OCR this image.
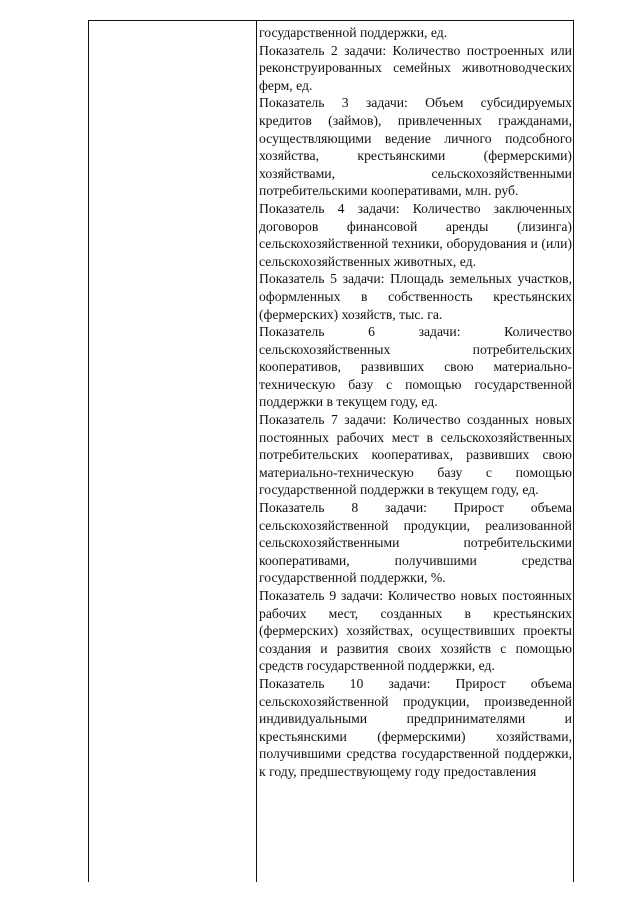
государственной поддержки, ед.

Показатель 2 задачи: Количество построенных или реконструированных семейных животноводческих ферм, ед.

Показатель 3 задачи: Объем субсидируемых кредитов (займов), привлеченных гражданами, осуществляющими ведение личного подсобного хозяйства, крестьянскими (фермерскими) хозяйствами, сельскохозяйственными потребительскими кооперативами, млн. руб.

Показатель 4 задачи: Количество заключенных договоров финансовой аренды (лизинга) сельскохозяйственной техники, оборудования и (или) сельскохозяйственных животных, ед.

Показатель 5 задачи: Площадь земельных участков, оформленных в собственность крестьянских (фермерских) хозяйств, тыс. га.

Показатель 6 задачи: Количество сельскохозяйственных потребительских кооперативов, развивших свою материально-техническую базу с помощью государственной поддержки в текущем году, ед.

Показатель 7 задачи: Количество созданных новых постоянных рабочих мест в сельскохозяйственных потребительских кооперативах, развивших свою материально-техническую базу с помощью государственной поддержки в текущем году, ед.

Показатель 8 задачи: Прирост объема сельскохозяйственной продукции, реализованной сельскохозяйственными потребительскими кооперативами, получившими средства государственной поддержки, %.

Показатель 9 задачи: Количество новых постоянных рабочих мест, созданных в крестьянских (фермерских) хозяйствах, осуществивших проекты создания и развития своих хозяйств с помощью средств государственной поддержки, ед.

Показатель 10 задачи: Прирост объема сельскохозяйственной продукции, произведенной индивидуальными предпринимателями и крестьянскими (фермерскими) хозяйствами, получившими средства государственной поддержки, к году, предшествующему году предоставления
